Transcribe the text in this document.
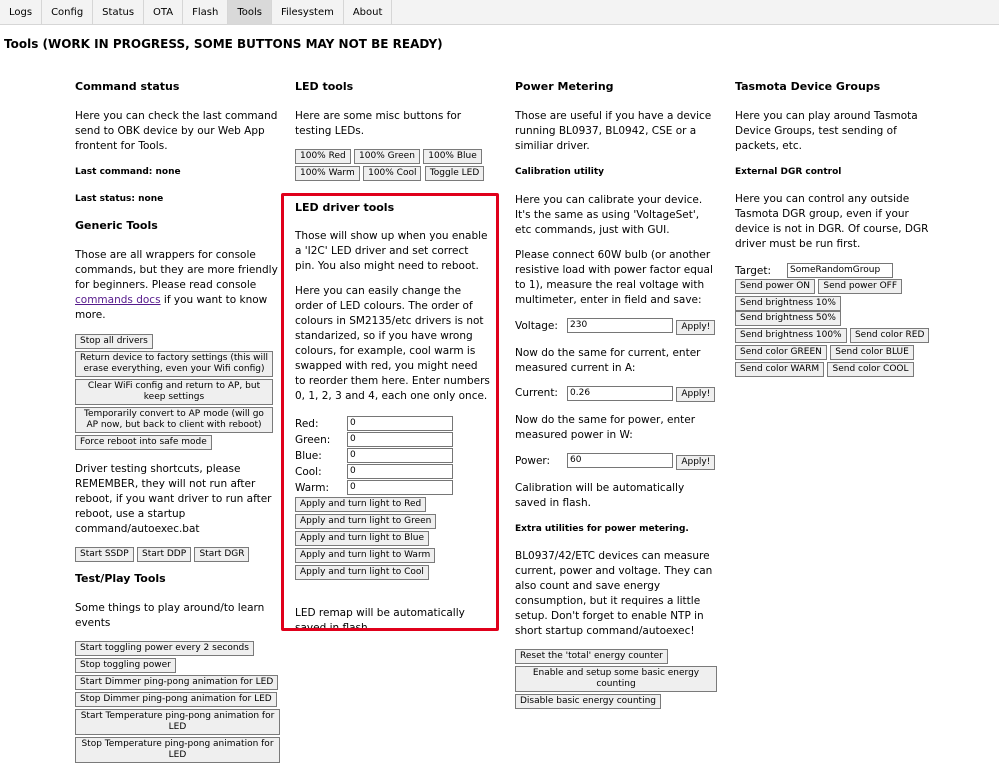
Logs	Config	Status	OTA	Flash	Tools	Filesystem	About
Tools (WORK IN PROGRESS, SOME BUTTONS MAY NOT BE READY)
Command status

Here you can check the last command send to OBK device by our Web App frontent for Tools.

Last command: none
Last status: none
Generic Tools

Those are all wrappers for console commands, but they are more friendly for beginners. Please read console commands docs if you want to know more.

Stop all drivers
Return device to factory settings (this will erase everything, even your Wifi config)
Clear WiFi config and return to AP, but keep settings
Temporarily convert to AP mode (will go AP now, but back to client with reboot)
Force reboot into safe mode

Driver testing shortcuts, please REMEMBER, they will not run after reboot, if you want driver to run after reboot, use a startup command/autoexec.bat

Start SSDP Start DDP Start DGR
Test/Play Tools

Some things to play around/to learn events

Start toggling power every 2 seconds
Stop toggling power
Start Dimmer ping-pong animation for LED
Stop Dimmer ping-pong animation for LED
Start Temperature ping-pong animation for LED
Stop Temperature ping-pong animation for LED
LED tools

Here are some misc buttons for testing LEDs.

100% Red 100% Green 100% Blue
100% Warm 100% Cool Toggle LED
LED driver tools

Those will show up when you enable a 'I2C' LED driver and set correct pin. You also might need to reboot.

Here you can easily change the order of LED colours. The order of colours in SM2135/etc drivers is not standarized, so if you have wrong colours, for example, cool warm is swapped with red, you might need to reorder them here. Enter numbers 0, 1, 2, 3 and 4, each one only once.

Red:	0
Green: 0
Blue:	0
Cool:	0
Warm: 0
Apply and turn light to Red
Apply and turn light to Green
Apply and turn light to Blue
Apply and turn light to Warm
Apply and turn light to Cool

LED remap will be automatically saved in flash.

Power Metering

Those are useful if you have a device running BL0937, BL0942, CSE or a similiar driver.

Calibration utility

Here you can calibrate your device. It's the same as using 'VoltageSet', etc commands, just with GUI.

Please connect 60W bulb (or another resistive load with power factor equal to 1), measure the real voltage with multimeter, enter in field and save:

Voltage: 230	Apply!

Now do the same for current, enter measured current in A:

Current: 0.26	Apply!

Now do the same for power, enter measured power in W:

Power: 60	Apply!

Calibration will be automatically saved in flash.

Extra utilities for power metering.

BL0937/42/ETC devices can measure current, power and voltage. They can also count and save energy consumption, but it requires a little setup. Don't forget to enable NTP in short startup command/autoexec!

Reset the 'total' energy counter
Enable and setup some basic energy counting
Disable basic energy counting
Tasmota Device Groups

Here you can play around Tasmota Device Groups, test sending of packets, etc.

External DGR control

Here you can control any outside Tasmota DGR group, even if your device is not in DGR. Of course, DGR driver must be run first.

Target: SomeRandomGroup
Send power ON Send power OFF
Send brightness 10% Send brightness 50%
Send brightness 100% Send color RED
Send color GREEN Send color BLUE
Send color WARM Send color COOL
